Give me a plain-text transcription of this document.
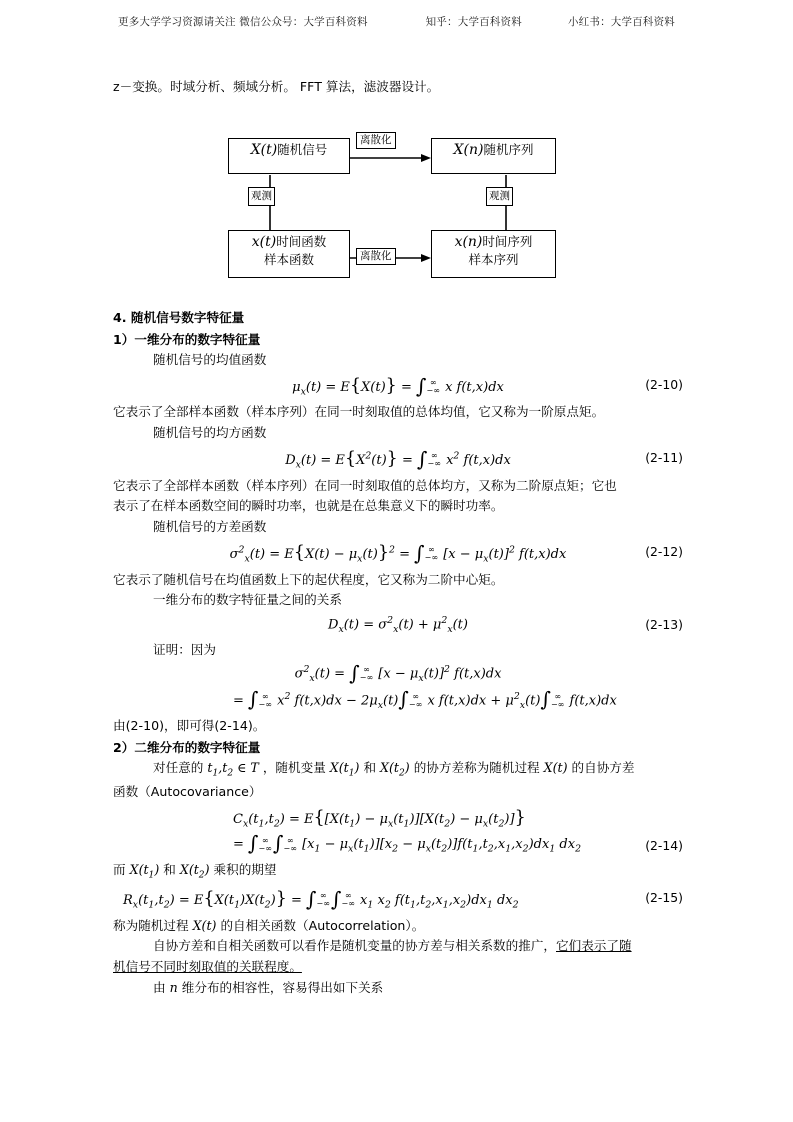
更多大学学习资源请关注 微信公众号：大学百科资料	知乎：大学百科资料	小红书：大学百科资料
X(t)随机信号	X(n)随机序列
x(t)时间函数
样本函数
x(n)时间序列
样本序列
离散化
离散化
观测	观测

z－变换。时域分析、频域分析。 FFT 算法，滤波器设计。

4. 随机信号数字特征量

1）一维分布的数字特征量

随机信号的均值函数

$\mu_x(t) = E\{X(t)\}$ = ∫ ∞
−∞ x f(t,x)dx	(2-10)

它表示了全部样本函数（样本序列）在同一时刻取值的总体均值，它又称为一阶原点矩。

随机信号的均方函数

$D_x(t) = E\{X^2(t)\}$ = ∫ ∞
−∞ $x^2$ f(t,x)dx	(2-11)

它表示了全部样本函数（样本序列）在同一时刻取值的总体均方，又称为二阶原点矩；它也

表示了在样本函数空间的瞬时功率，也就是在总集意义下的瞬时功率。

随机信号的方差函数

$\sigma^2_x(t) = E\{X(t) - \mu_x(t)\}^2$ = ∫ ∞
−∞ $[x - \mu_x(t)]^2$ f(t,x)dx	(2-12)

它表示了随机信号在均值函数上下的起伏程度，它又称为二阶中心矩。

一维分布的数字特征量之间的关系

$D_x(t) = \sigma^2_x(t) + \mu^2_x(t)$	(2-13)

证明：因为

$\sigma^2_x(t)$ = ∫ ∞
−∞ $[x - \mu_x(t)]^2$ f(t,x)dx
= ∫ ∞
−∞ $x^2$ $f(t,x)dx - 2\mu_x(t)\int$ ∞
−∞ x $f(t,x)dx + \mu^2_x(t)\int$ ∞
−∞ f(t,x)dx

由(2-10)，即可得(2-14)。

2）二维分布的数字特征量

对任意的 $t_1,t_2$ ∈ T ，随机变量 $X(t_1)$ 和 $X(t_2)$ 的协方差称为随机过程 X(t) 的自协方差

函数（Autocovariance）

$C_x(t_1,t_2) = E\{[X(t_1) - \mu_x(t_1)][X(t_2) - \mu_x(t_2)]\}$
= ∫ ∞
−∞ ∫ ∞
−∞ $[x_1 - \mu_x(t_1)][x_2 - \mu_x(t_2)]f(t_1,t_2,x_1,x_2)dx_1$ $dx_2$	(2-14)

而 $X(t_1)$ 和 $X(t_2)$ 乘积的期望

$R_x(t_1,t_2) = E\{X(t_1)X(t_2)\}$ = ∫ ∞
−∞ ∫ ∞
−∞ $x_1$ $x_2$ $f(t_1,t_2,x_1,x_2)dx_1$ $dx_2$
(2-15)

称为随机过程 X(t) 的自相关函数（Autocorrelation）。

自协方差和自相关函数可以看作是随机变量的协方差与相关系数的推广，它们表示了随

机信号不同时刻取值的关联程度。

由 n 维分布的相容性，容易得出如下关系
